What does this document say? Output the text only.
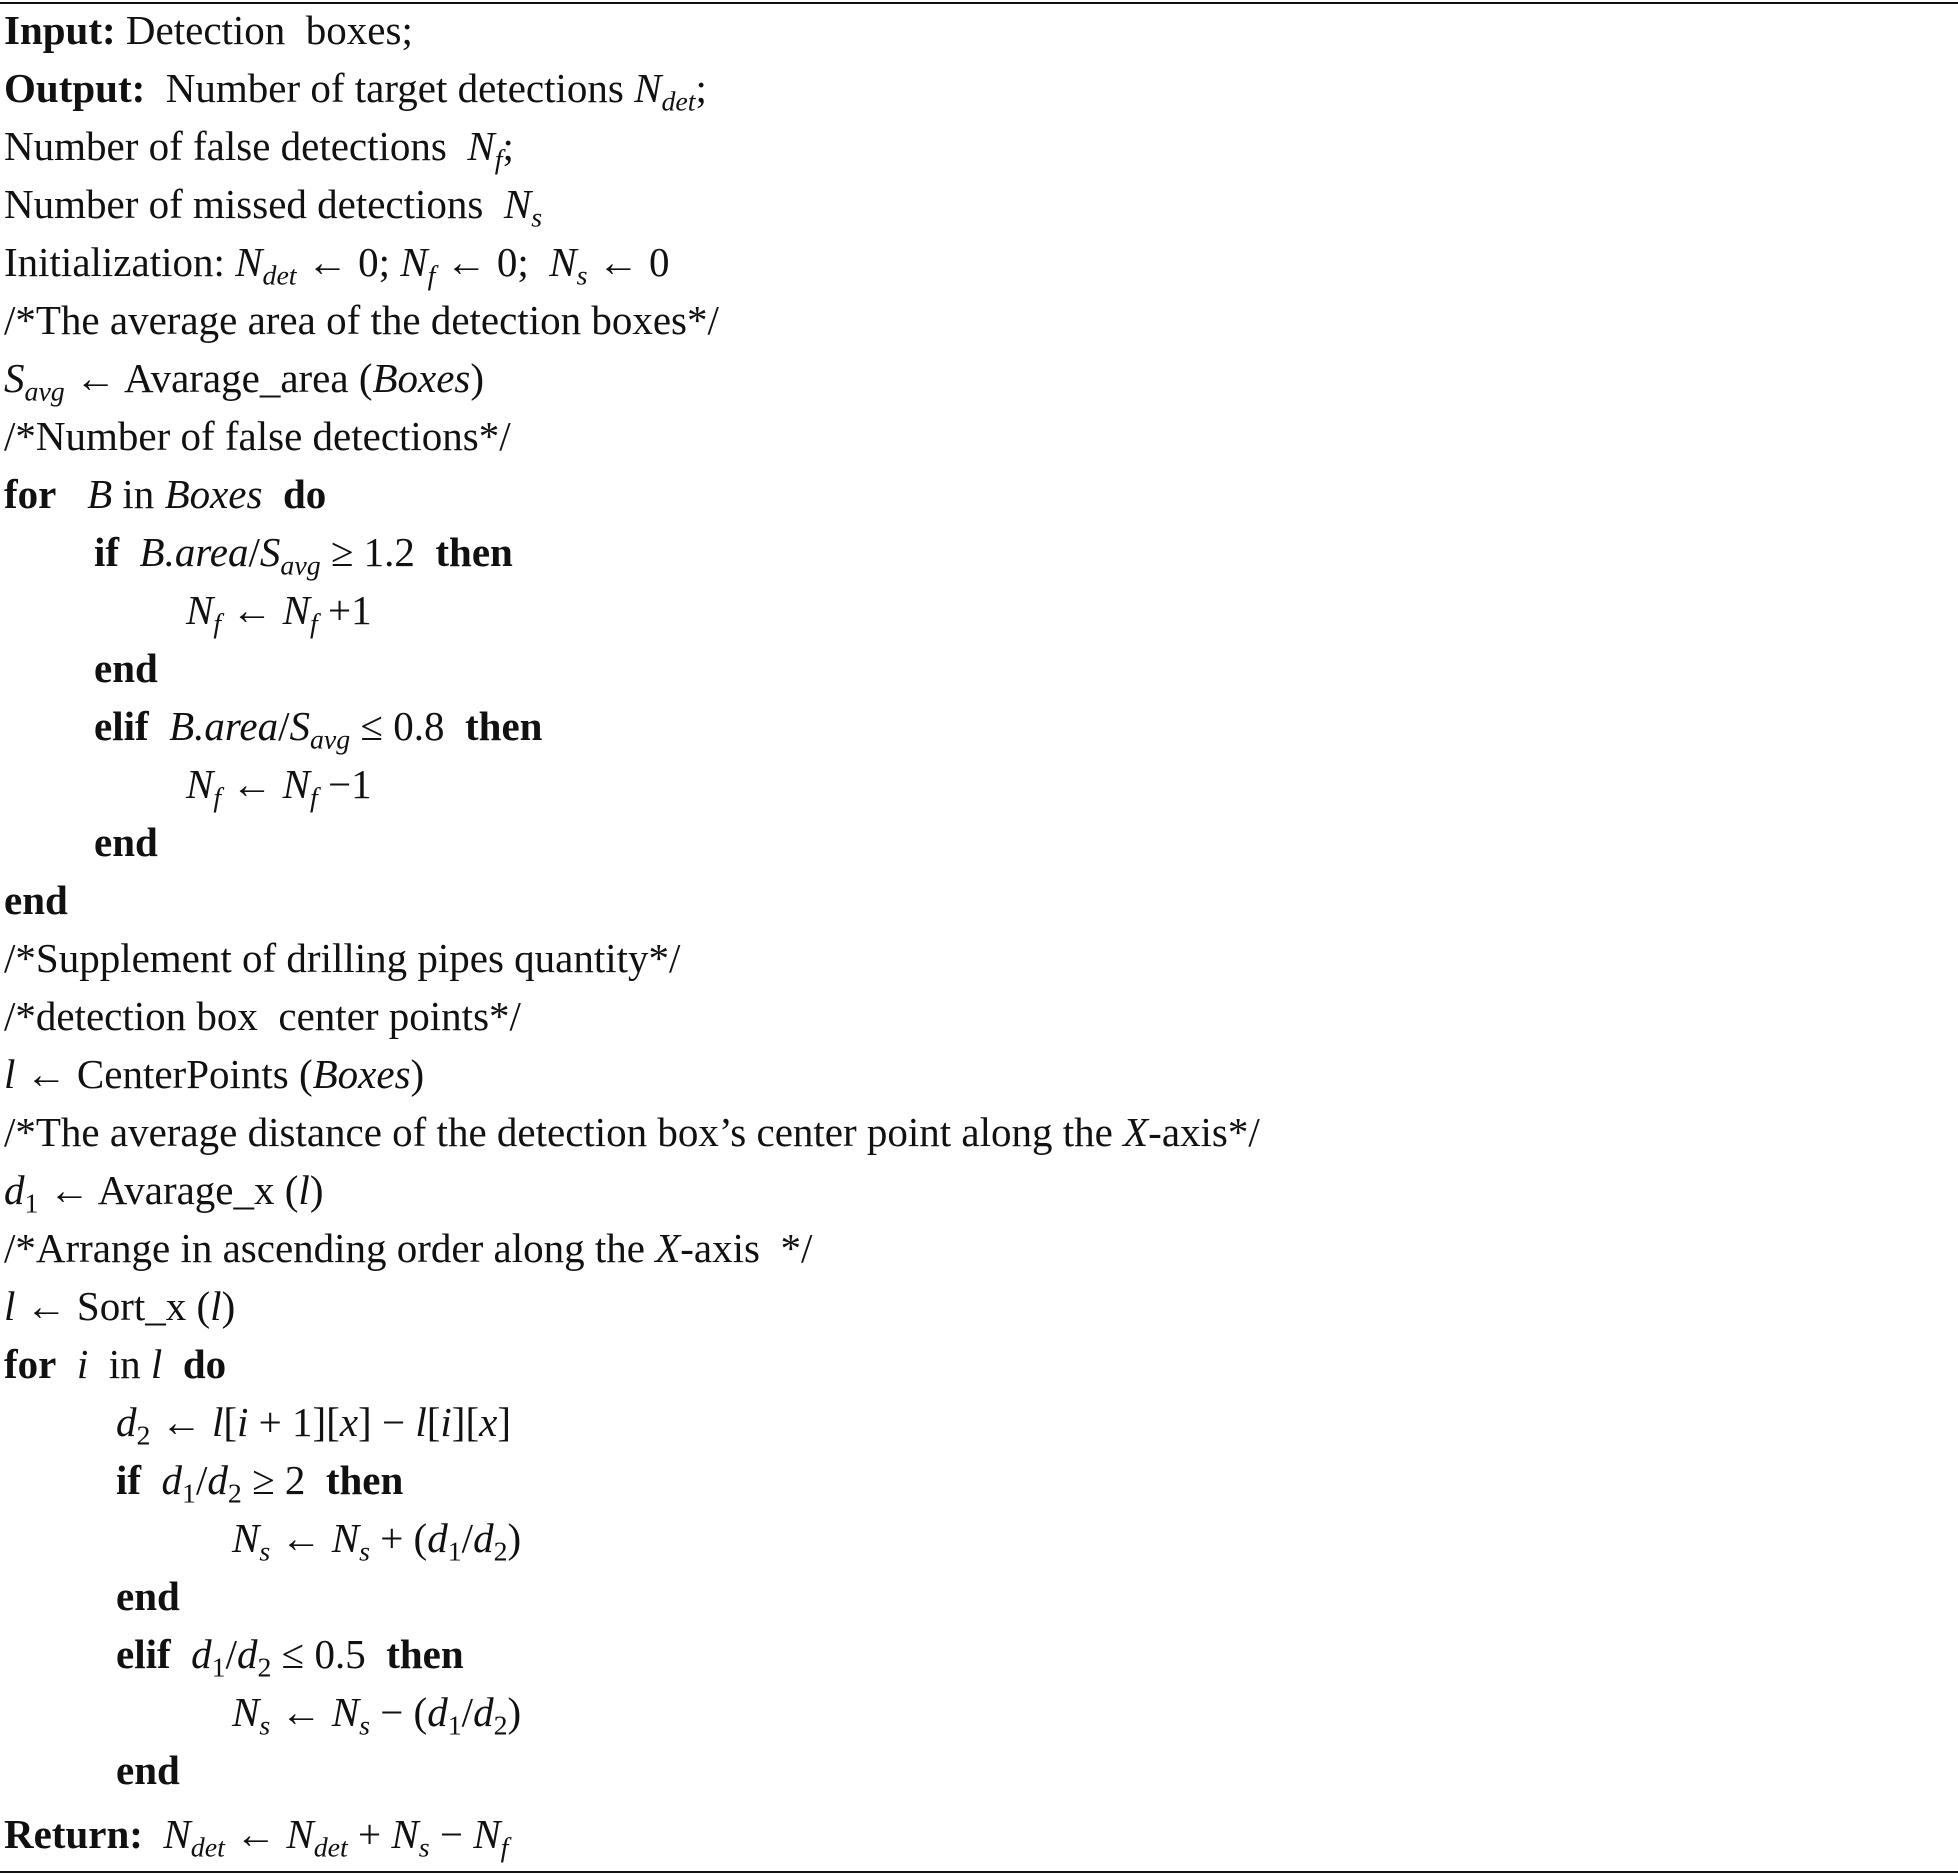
Input: Detection  boxes;
Output: Number of target detections $N_{det}$;
Number of false detections $N_f$;
Number of missed detections $N_s$
Initialization: $N_{det}$ ← 0; $N_f$ ← 0;  $N_s$ ← 0
/*The average area of the detection boxes*/
$S_{avg}$ ← Avarage_area (Boxes)
/*Number of false detections*/
for B in Boxes do
if $B.area/S_{avg} \ge 1.2$ then
$N_f$ ← $N_f +1$
end
elif $B.area/S_{avg} \le 0.8$ then
$N_f$ ← $N_f -1$
end
end
/*Supplement of drilling pipes quantity*/
/*detection box  center points*/
l ← CenterPoints (Boxes)
/*The average distance of the detection box’s center point along the X-axis*/
$d_1$ ← Avarage_x (l)
/*Arrange in ascending order along the X-axis  */
l ← Sort_x (l)
for i in l do
$d_2$ ← l[i + 1][x] − l[i][x]
if $d_1/d_2 \ge 2$ then
$N_s$ ← $N_s + (d_1/d_2)$
end
elif $d_1/d_2 \le 0.5$ then
$N_s$ ← $N_s - (d_1/d_2)$
end
Return: $N_{det}$ ← $N_{det} + N_s - N_f$
